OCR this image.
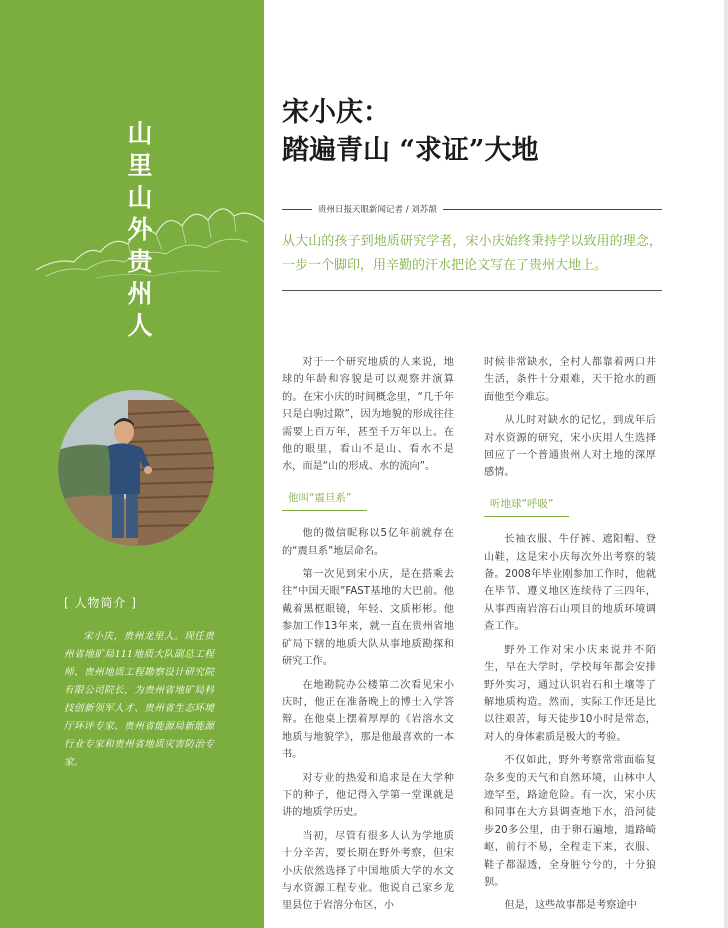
山
里
山
外
贵
州
人
[ 人物简介 ]
宋小庆，贵州龙里人。现任贵州省地矿局111地质大队副总工程师、贵州地质工程勘察设计研究院有限公司院长，为贵州省地矿局科技创新领军人才、贵州省生态环境厅环评专家、贵州省能源局新能源行业专家和贵州省地质灾害防治专家。
宋小庆：
踏遍青山 “求证”大地
贵州日报天眼新闻记者 / 刘苏颉
从大山的孩子到地质研究学者，宋小庆始终秉持学以致用的理念，一步一个脚印，用辛勤的汗水把论文写在了贵州大地上。

对于一个研究地质的人来说，地球的年龄和容貌是可以观察并演算的。在宋小庆的时间概念里，“几千年只是白驹过隙”，因为地貌的形成往往需要上百万年，甚至千万年以上。在他的眼里，看山不是山、看水不是水，而是“山的形成、水的流向”。

他叫“震旦系”

他的微信昵称以5亿年前就存在的“震旦系”地层命名。

第一次见到宋小庆，是在搭乘去往“中国天眼”FAST基地的大巴前。他戴着黑框眼镜，年轻、文质彬彬。他参加工作13年来，就一直在贵州省地矿局下辖的地质大队从事地质勘探和研究工作。

在地勘院办公楼第二次看见宋小庆时，他正在准备晚上的博士入学答辩。在他桌上摆着厚厚的《岩溶水文地质与地貌学》，那是他最喜欢的一本书。

对专业的热爱和追求是在大学种下的种子，他记得入学第一堂课就是讲的地质学历史。

当初，尽管有很多人认为学地质十分辛苦，要长期在野外考察，但宋小庆依然选择了中国地质大学的水文与水资源工程专业。他说自己家乡龙里县位于岩溶分布区，小

时候非常缺水，全村人都靠着两口井生活，条件十分艰难，天干抢水的画面他至今难忘。

从儿时对缺水的记忆，到成年后对水资源的研究，宋小庆用人生选择回应了一个普通贵州人对土地的深厚感情。

听地球“呼吸”

长袖衣服、牛仔裤、遮阳帽、登山鞋，这是宋小庆每次外出考察的装备。2008年毕业刚参加工作时，他就在毕节、遵义地区连续待了三四年，从事西南岩溶石山项目的地质环境调查工作。

野外工作对宋小庆来说并不陌生，早在大学时，学校每年都会安排野外实习，通过认识岩石和土壤等了解地质构造。然而，实际工作还是比以往艰苦，每天徒步10小时是常态，对人的身体素质是极大的考验。

不仅如此，野外考察常常面临复杂多变的天气和自然环境，山林中人迹罕至，路途危险。有一次，宋小庆和同事在大方县调查地下水，沿河徒步20多公里，由于卵石遍地，道路崎岖，前行不易，全程走下来，衣服、鞋子都湿透，全身脏兮兮的，十分狼狈。

但是，这些故事都是考察途中
